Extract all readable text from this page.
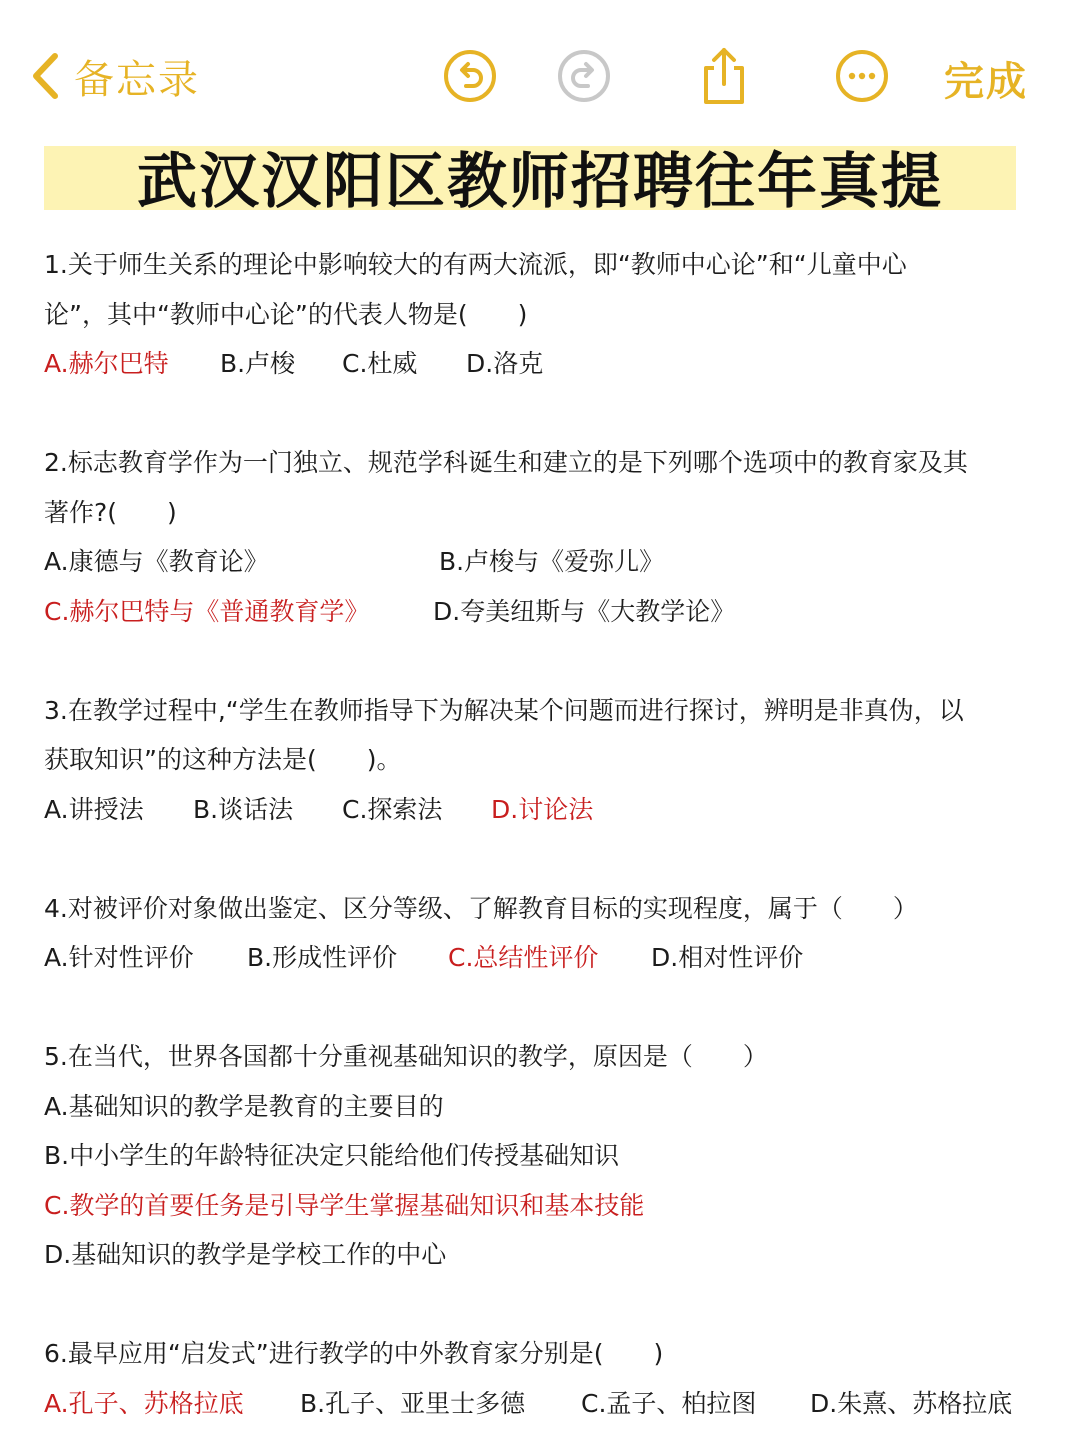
备忘录	完成
武汉汉阳区教师招聘往年真提
1.关于师生关系的理论中影响较大的有两大流派，即“教师中心论”和“儿童中心
论”，其中“教师中心论”的代表人物是(　　)
A.赫尔巴特 B.卢梭 C.杜威 D.洛克
2.标志教育学作为一门独立、规范学科诞生和建立的是下列哪个选项中的教育家及其
著作?(　　)
A.康德与《教育论》	B.卢梭与《爱弥儿》
C.赫尔巴特与《普通教育学》	D.夸美纽斯与《大教学论》
3.在教学过程中,“学生在教师指导下为解决某个问题而进行探讨，辨明是非真伪，以
获取知识”的这种方法是(　　)。
A.讲授法 B.谈话法 C.探索法 D.讨论法
4.对被评价对象做出鉴定、区分等级、了解教育目标的实现程度，属于（　　）
A.针对性评价 B.形成性评价 C.总结性评价 D.相对性评价
5.在当代，世界各国都十分重视基础知识的教学，原因是（　　）
A.基础知识的教学是教育的主要目的
B.中小学生的年龄特征决定只能给他们传授基础知识
C.教学的首要任务是引导学生掌握基础知识和基本技能
D.基础知识的教学是学校工作的中心
6.最早应用“启发式”进行教学的中外教育家分别是(　　)
A.孔子、苏格拉底 B.孔子、亚里士多德 C.孟子、柏拉图 D.朱熹、苏格拉底
